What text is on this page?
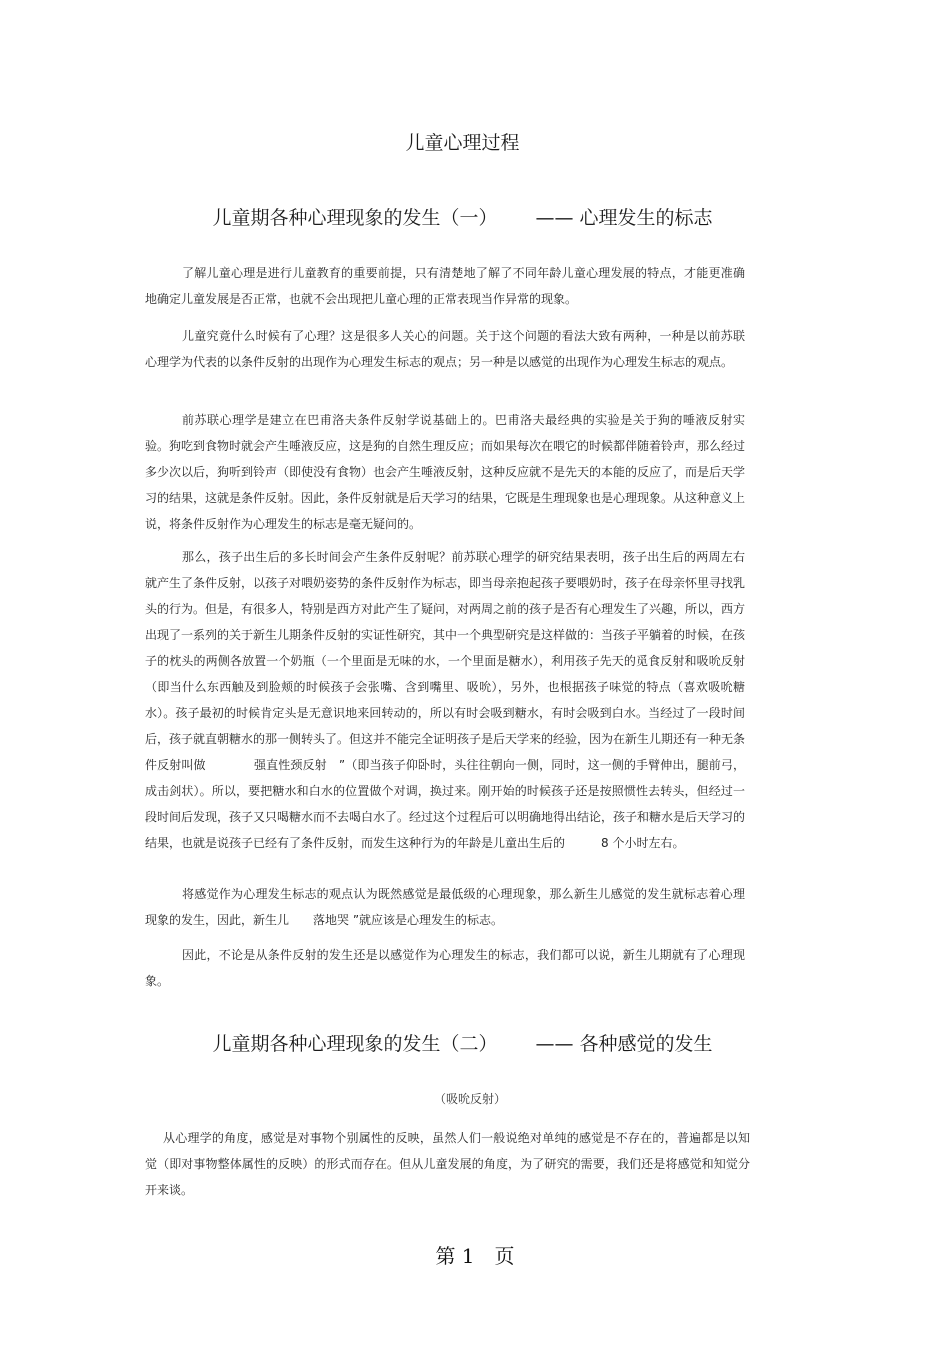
儿童心理过程
儿童期各种心理现象的发生（一） —— 心理发生的标志

了解儿童心理是进行儿童教育的重要前提，只有清楚地了解了不同年龄儿童心理发展的特点，才能更准确地确定儿童发展是否正常，也就不会出现把儿童心理的正常表现当作异常的现象。

儿童究竟什么时候有了心理？这是很多人关心的问题。关于这个问题的看法大致有两种，一种是以前苏联心理学为代表的以条件反射的出现作为心理发生标志的观点；另一种是以感觉的出现作为心理发生标志的观点。

前苏联心理学是建立在巴甫洛夫条件反射学说基础上的。巴甫洛夫最经典的实验是关于狗的唾液反射实验。狗吃到食物时就会产生唾液反应，这是狗的自然生理反应；而如果每次在喂它的时候都伴随着铃声，那么经过多少次以后，狗听到铃声（即使没有食物）也会产生唾液反射，这种反应就不是先天的本能的反应了，而是后天学习的结果，这就是条件反射。因此，条件反射就是后天学习的结果，它既是生理现象也是心理现象。从这种意义上说，将条件反射作为心理发生的标志是毫无疑问的。

那么，孩子出生后的多长时间会产生条件反射呢？前苏联心理学的研究结果表明，孩子出生后的两周左右就产生了条件反射，以孩子对喂奶姿势的条件反射作为标志，即当母亲抱起孩子要喂奶时，孩子在母亲怀里寻找乳头的行为。但是，有很多人，特别是西方对此产生了疑问，对两周之前的孩子是否有心理发生了兴趣，所以，西方出现了一系列的关于新生儿期条件反射的实证性研究，其中一个典型研究是这样做的：当孩子平躺着的时候，在孩子的枕头的两侧各放置一个奶瓶（一个里面是无味的水，一个里面是糖水），利用孩子先天的觅食反射和吸吮反射（即当什么东西触及到脸颊的时候孩子会张嘴、含到嘴里、吸吮），另外，也根据孩子味觉的特点（喜欢吸吮糖水）。孩子最初的时候肯定头是无意识地来回转动的，所以有时会吸到糖水，有时会吸到白水。当经过了一段时间后，孩子就直朝糖水的那一侧转头了。但这并不能完全证明孩子是后天学来的经验，因为在新生儿期还有一种无条件反射叫做　　　　强直性颈反射　”（即当孩子仰卧时，头往往朝向一侧，同时，这一侧的手臂伸出，腿前弓，成击剑状）。所以，要把糖水和白水的位置做个对调，换过来。刚开始的时候孩子还是按照惯性去转头，但经过一段时间后发现，孩子又只喝糖水而不去喝白水了。经过这个过程后可以明确地得出结论，孩子和糖水是后天学习的结果，也就是说孩子已经有了条件反射，而发生这种行为的年龄是儿童出生后的　　　8 个小时左右。

将感觉作为心理发生标志的观点认为既然感觉是最低级的心理现象，那么新生儿感觉的发生就标志着心理现象的发生，因此，新生儿　　落地哭 ”就应该是心理发生的标志。

因此，不论是从条件反射的发生还是以感觉作为心理发生的标志，我们都可以说，新生儿期就有了心理现象。

儿童期各种心理现象的发生（二） —— 各种感觉的发生
（吸吮反射）

从心理学的角度，感觉是对事物个别属性的反映，虽然人们一般说绝对单纯的感觉是不存在的，普遍都是以知觉（即对事物整体属性的反映）的形式而存在。但从儿童发展的角度，为了研究的需要，我们还是将感觉和知觉分开来谈。

第 1　页
